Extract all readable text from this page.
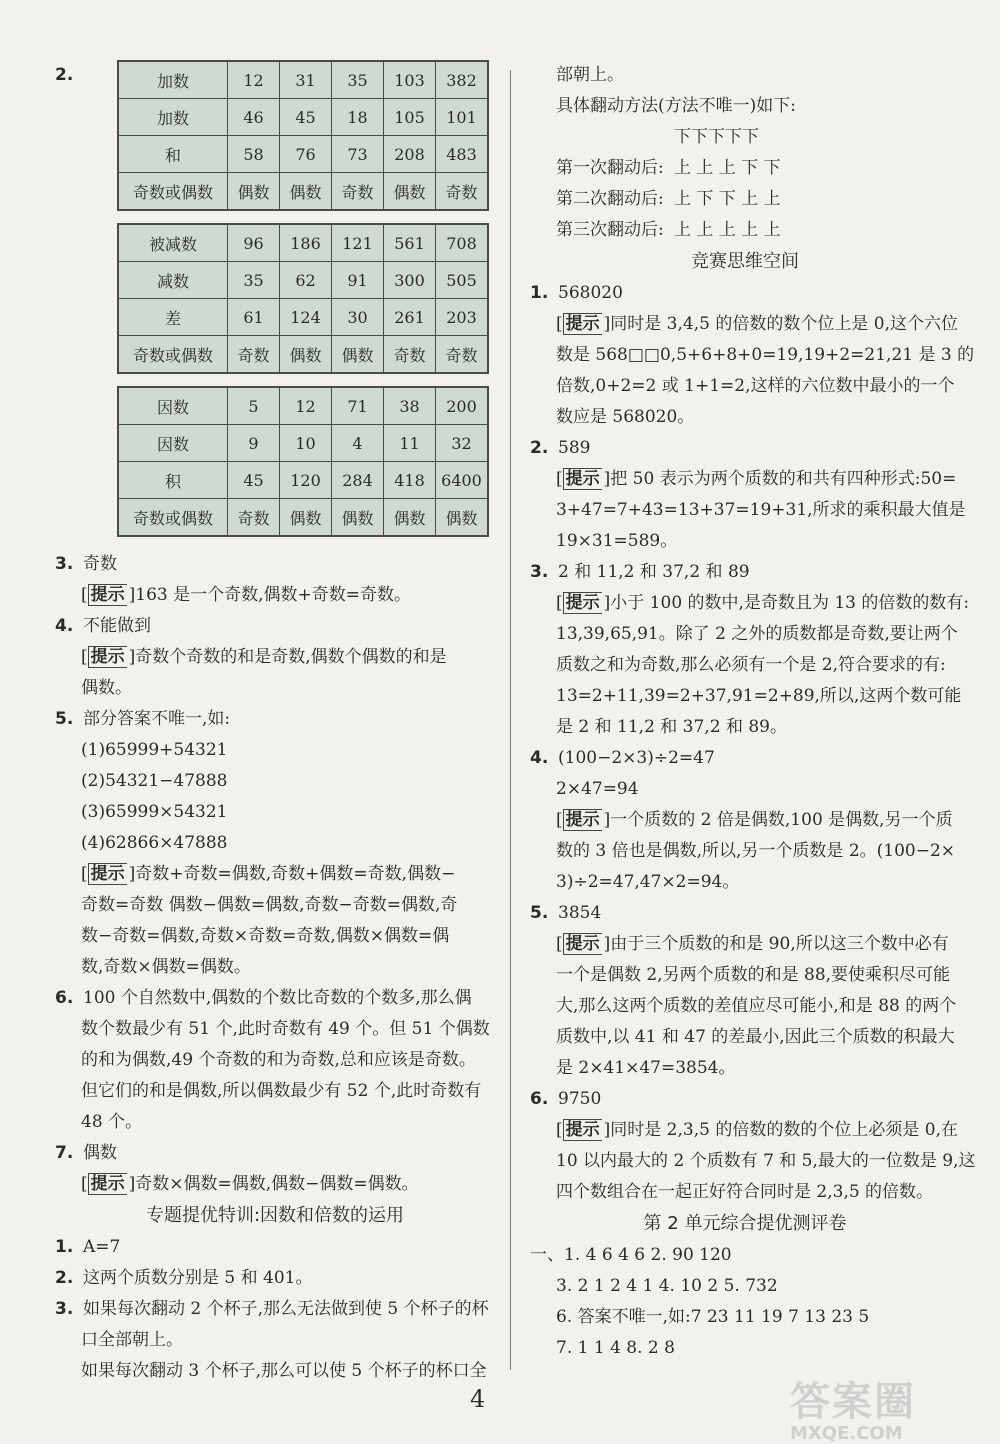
2.	加数	12	31	35	103	382
加数	46	45	18	105	101
和	58	76	73	208	483
奇数或偶数	偶数	偶数	奇数	偶数	奇数
被减数	96	186	121	561	708
减数	35	62	91	300	505
差	61	124	30	261	203
奇数或偶数	奇数	偶数	偶数	奇数	奇数
因数	5	12	71	38	200
因数	9	10	4	11	32
积	45	120	284	418	6400
奇数或偶数	奇数	偶数	偶数	偶数	偶数
3. 奇数
[ 提示 ]163 是一个奇数,偶数+奇数=奇数。
4. 不能做到
[ 提示 ]奇数个奇数的和是奇数,偶数个偶数的和是
偶数。
5. 部分答案不唯一,如:
(1)65999+54321
(2)54321−47888
(3)65999×54321
(4)62866×47888
[ 提示 ]奇数+奇数=偶数,奇数+偶数=奇数,偶数−
奇数=奇数 偶数−偶数=偶数,奇数−奇数=偶数,奇
数−奇数=偶数,奇数×奇数=奇数,偶数×偶数=偶
数,奇数×偶数=偶数。
6. 100 个自然数中,偶数的个数比奇数的个数多,那么偶
数个数最少有 51 个,此时奇数有 49 个。但 51 个偶数
的和为偶数,49 个奇数的和为奇数,总和应该是奇数。
但它们的和是偶数,所以偶数最少有 52 个,此时奇数有
48 个。
7. 偶数
[ 提示 ]奇数×偶数=偶数,偶数−偶数=偶数。
专题提优特训:因数和倍数的运用
1. A=7
2. 这两个质数分别是 5 和 401。
3. 如果每次翻动 2 个杯子,那么无法做到使 5 个杯子的杯
口全部朝上。
如果每次翻动 3 个杯子,那么可以使 5 个杯子的杯口全
部朝上。
具体翻动方法(方法不唯一)如下:
下下下下下
第一次翻动后: 上 上 上 下 下
第二次翻动后: 上 下 下 上 上
第三次翻动后: 上 上 上 上 上
竞赛思维空间
1. 568020
[ 提示 ]同时是 3,4,5 的倍数的数个位上是 0,这个六位
数是 568□□0,5+6+8+0=19,19+2=21,21 是 3 的
倍数,0+2=2 或 1+1=2,这样的六位数中最小的一个
数应是 568020。
2. 589
[ 提示 ]把 50 表示为两个质数的和共有四种形式:50=
3+47=7+43=13+37=19+31,所求的乘积最大值是
19×31=589。
3. 2 和 11,2 和 37,2 和 89
[ 提示 ]小于 100 的数中,是奇数且为 13 的倍数的数有:
13,39,65,91。除了 2 之外的质数都是奇数,要让两个
质数之和为奇数,那么必须有一个是 2,符合要求的有:
13=2+11,39=2+37,91=2+89,所以,这两个数可能
是 2 和 11,2 和 37,2 和 89。
4. (100−2×3)÷2=47
2×47=94
[ 提示 ]一个质数的 2 倍是偶数,100 是偶数,另一个质
数的 3 倍也是偶数,所以,另一个质数是 2。(100−2×
3)÷2=47,47×2=94。
5. 3854
[ 提示 ]由于三个质数的和是 90,所以这三个数中必有
一个是偶数 2,另两个质数的和是 88,要使乘积尽可能
大,那么这两个质数的差值应尽可能小,和是 88 的两个
质数中,以 41 和 47 的差最小,因此三个质数的积最大
是 2×41×47=3854。
6. 9750
[ 提示 ]同时是 2,3,5 的倍数的数的个位上必须是 0,在
10 以内最大的 2 个质数有 7 和 5,最大的一位数是 9,这
四个数组合在一起正好符合同时是 2,3,5 的倍数。
第 2 单元综合提优测评卷
一、1. 4 6 4 6 2. 90 120
3. 2 1 2 4 1 4. 10 2 5. 732
6. 答案不唯一,如:7 23 11 19 7 13 23 5
7. 1 1 4 8. 2 8
4	答案圈
MXQE.COM
